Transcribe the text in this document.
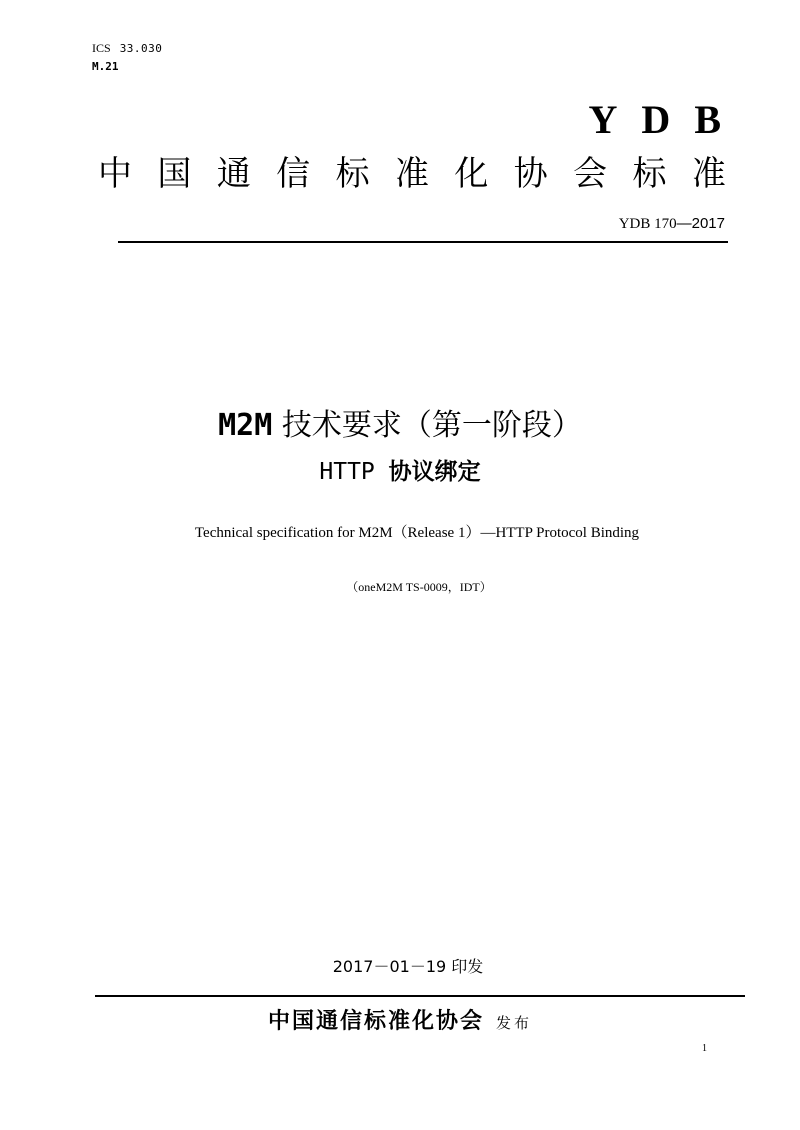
ICS 33.030
M.21
YDB
中 国 通 信 标 准 化 协 会 标 准
YDB 170—2017
M2M 技术要求（第一阶段）
HTTP 协议绑定
Technical specification for M2M（Release 1）—HTTP Protocol Binding
（oneM2M TS-0009，IDT）
2017－01－19 印发
中国通信标准化协会 发布
1
